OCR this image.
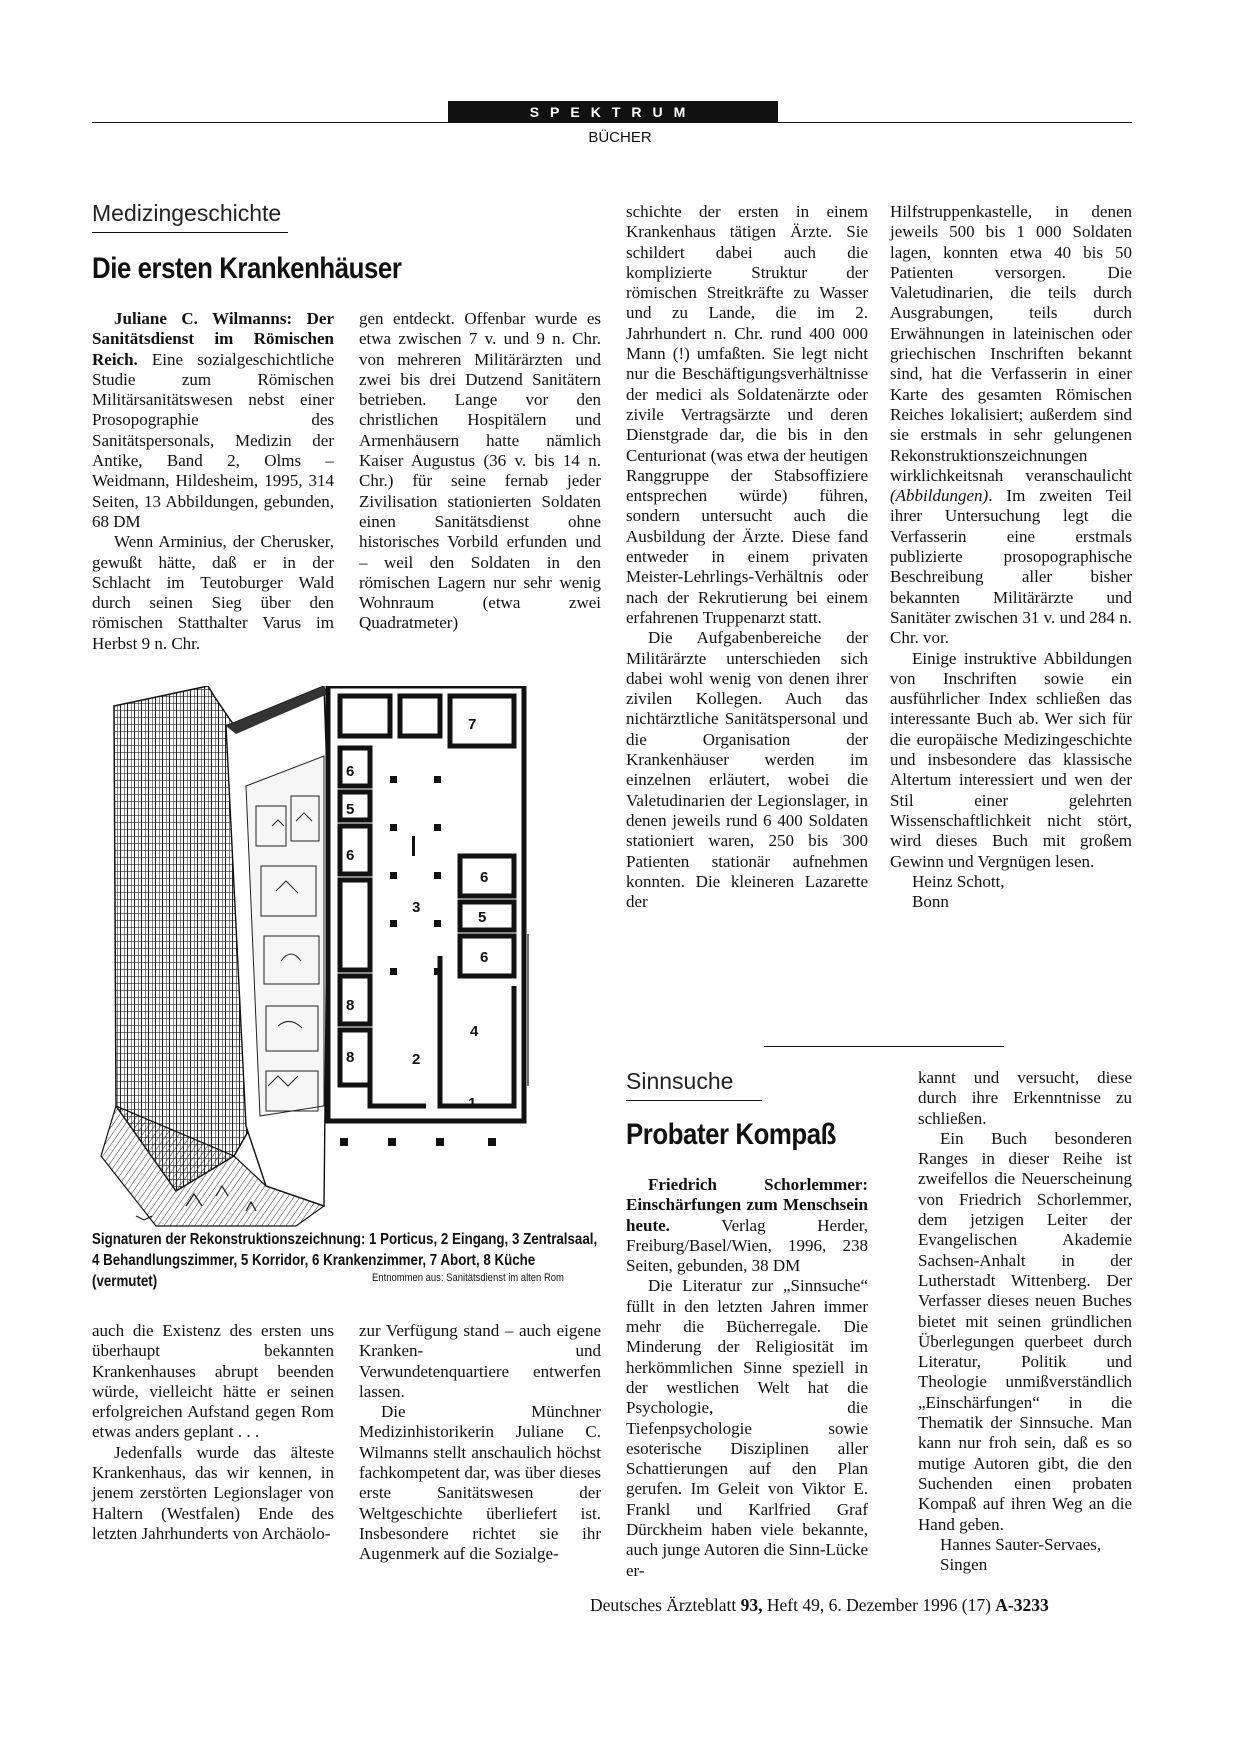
SPEKTRUM
BÜCHER
Medizingeschichte
Die ersten Krankenhäuser

Juliane C. Wilmanns: Der Sanitätsdienst im Römischen Reich. Eine sozialgeschichtliche Studie zum Römischen Militärsanitätswesen nebst einer Prosopographie des Sanitätspersonals, Medizin der Antike, Band 2, Olms – Weidmann, Hildesheim, 1995, 314 Seiten, 13 Abbildungen, gebunden, 68 DM

Wenn Arminius, der Cherusker, gewußt hätte, daß er in der Schlacht im Teutoburger Wald durch seinen Sieg über den römischen Statthalter Varus im Herbst 9 n. Chr.

gen entdeckt. Offenbar wurde es etwa zwischen 7 v. und 9 n. Chr. von mehreren Militärärzten und zwei bis drei Dutzend Sanitätern betrieben. Lange vor den christlichen Hospitälern und Armenhäusern hatte nämlich Kaiser Augustus (36 v. bis 14 n. Chr.) für seine fernab jeder Zivilisation stationierten Soldaten einen Sanitätsdienst ohne historisches Vorbild erfunden und – weil den Soldaten in den römischen Lagern nur sehr wenig Wohnraum (etwa zwei Quadratmeter)

7
6
5
6
3
6
5
6
8
8
4
2
1
Signaturen der Rekonstruktionszeichnung: 1 Porticus, 2 Eingang, 3 Zentralsaal, 4 Behandlungszimmer, 5 Korridor, 6 Krankenzimmer, 7 Abort, 8 Küche (vermutet)	Entnommen aus: Sanitätsdienst im alten Rom

auch die Existenz des ersten uns überhaupt bekannten Krankenhauses abrupt beenden würde, vielleicht hätte er seinen erfolgreichen Aufstand gegen Rom etwas anders geplant . . .

Jedenfalls wurde das älteste Krankenhaus, das wir kennen, in jenem zerstörten Legionslager von Haltern (Westfalen) Ende des letzten Jahrhunderts von Archäolo-

zur Verfügung stand – auch eigene Kranken- und Verwundetenquartiere entwerfen lassen.

Die Münchner Medizinhistorikerin Juliane C. Wilmanns stellt anschaulich höchst fachkompetent dar, was über dieses erste Sanitätswesen der Weltgeschichte überliefert ist. Insbesondere richtet sie ihr Augenmerk auf die Sozialge-

schichte der ersten in einem Krankenhaus tätigen Ärzte. Sie schildert dabei auch die komplizierte Struktur der römischen Streitkräfte zu Wasser und zu Lande, die im 2. Jahrhundert n. Chr. rund 400 000 Mann (!) umfaßten. Sie legt nicht nur die Beschäftigungsverhältnisse der medici als Soldatenärzte oder zivile Vertragsärzte und deren Dienstgrade dar, die bis in den Centurionat (was etwa der heutigen Ranggruppe der Stabsoffiziere entsprechen würde) führen, sondern untersucht auch die Ausbildung der Ärzte. Diese fand entweder in einem privaten Meister-Lehrlings-Verhältnis oder nach der Rekrutierung bei einem erfahrenen Truppenarzt statt.

Die Aufgabenbereiche der Militärärzte unterschieden sich dabei wohl wenig von denen ihrer zivilen Kollegen. Auch das nichtärztliche Sanitätspersonal und die Organisation der Krankenhäuser werden im einzelnen erläutert, wobei die Valetudinarien der Legionslager, in denen jeweils rund 6 400 Soldaten stationiert waren, 250 bis 300 Patienten stationär aufnehmen konnten. Die kleineren Lazarette der

Hilfstruppenkastelle, in denen jeweils 500 bis 1 000 Soldaten lagen, konnten etwa 40 bis 50 Patienten versorgen. Die Valetudinarien, die teils durch Ausgrabungen, teils durch Erwähnungen in lateinischen oder griechischen Inschriften bekannt sind, hat die Verfasserin in einer Karte des gesamten Römischen Reiches lokalisiert; außerdem sind sie erstmals in sehr gelungenen Rekonstruktionszeichnungen wirklichkeitsnah veranschaulicht (Abbildungen). Im zweiten Teil ihrer Untersuchung legt die Verfasserin eine erstmals publizierte prosopographische Beschreibung aller bisher bekannten Militärärzte und Sanitäter zwischen 31 v. und 284 n. Chr. vor.

Einige instruktive Abbildungen von Inschriften sowie ein ausführlicher Index schließen das interessante Buch ab. Wer sich für die europäische Medizingeschichte und insbesondere das klassische Altertum interessiert und wen der Stil einer gelehrten Wissenschaftlichkeit nicht stört, wird dieses Buch mit großem Gewinn und Vergnügen lesen.

Heinz Schott,

Bonn

Sinnsuche
Probater Kompaß

Friedrich Schorlemmer: Einschärfungen zum Menschsein heute. Verlag Herder, Freiburg/Basel/Wien, 1996, 238 Seiten, gebunden, 38 DM

Die Literatur zur „Sinnsuche“ füllt in den letzten Jahren immer mehr die Bücherregale. Die Minderung der Religiosität im herkömmlichen Sinne speziell in der westlichen Welt hat die Psychologie, die Tiefenpsychologie sowie esoterische Disziplinen aller Schattierungen auf den Plan gerufen. Im Geleit von Viktor E. Frankl und Karlfried Graf Dürckheim haben viele bekannte, auch junge Autoren die Sinn-Lücke er-

kannt und versucht, diese durch ihre Erkenntnisse zu schließen.

Ein Buch besonderen Ranges in dieser Reihe ist zweifellos die Neuerscheinung von Friedrich Schorlemmer, dem jetzigen Leiter der Evangelischen Akademie Sachsen-Anhalt in der Lutherstadt Wittenberg. Der Verfasser dieses neuen Buches bietet mit seinen gründlichen Überlegungen querbeet durch Literatur, Politik und Theologie unmißverständlich „Einschärfungen“ in die Thematik der Sinnsuche. Man kann nur froh sein, daß es so mutige Autoren gibt, die den Suchenden einen probaten Kompaß auf ihren Weg an die Hand geben.

Hannes Sauter-Servaes,

Singen

Deutsches Ärzteblatt 93, Heft 49, 6. Dezember 1996 (17) A-3233
